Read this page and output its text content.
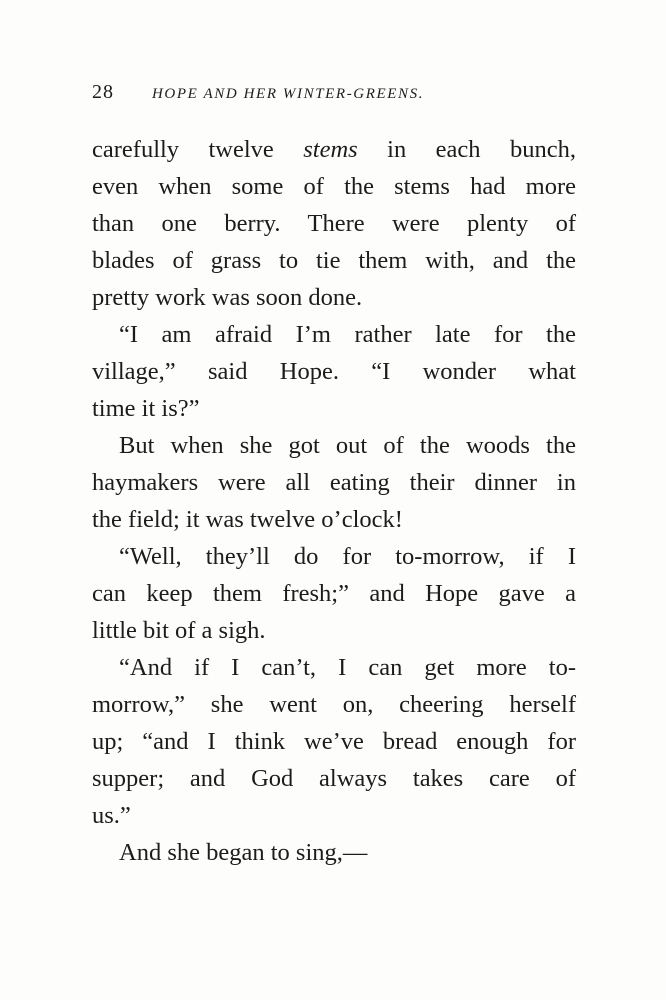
28	HOPE AND HER WINTER-GREENS.
carefully twelve stems in each bunch,
even when some of the stems had more
than one berry. There were plenty of
blades of grass to tie them with, and the
pretty work was soon done.
“I am afraid I’m rather late for the
village,” said Hope. “I wonder what
time it is?”
But when she got out of the woods the
haymakers were all eating their dinner in
the field; it was twelve o’clock!
“Well, they’ll do for to-morrow, if I
can keep them fresh;” and Hope gave a
little bit of a sigh.
“And if I can’t, I can get more to-
morrow,” she went on, cheering herself
up; “and I think we’ve bread enough for
supper; and God always takes care of
us.”
And she began to sing,—
